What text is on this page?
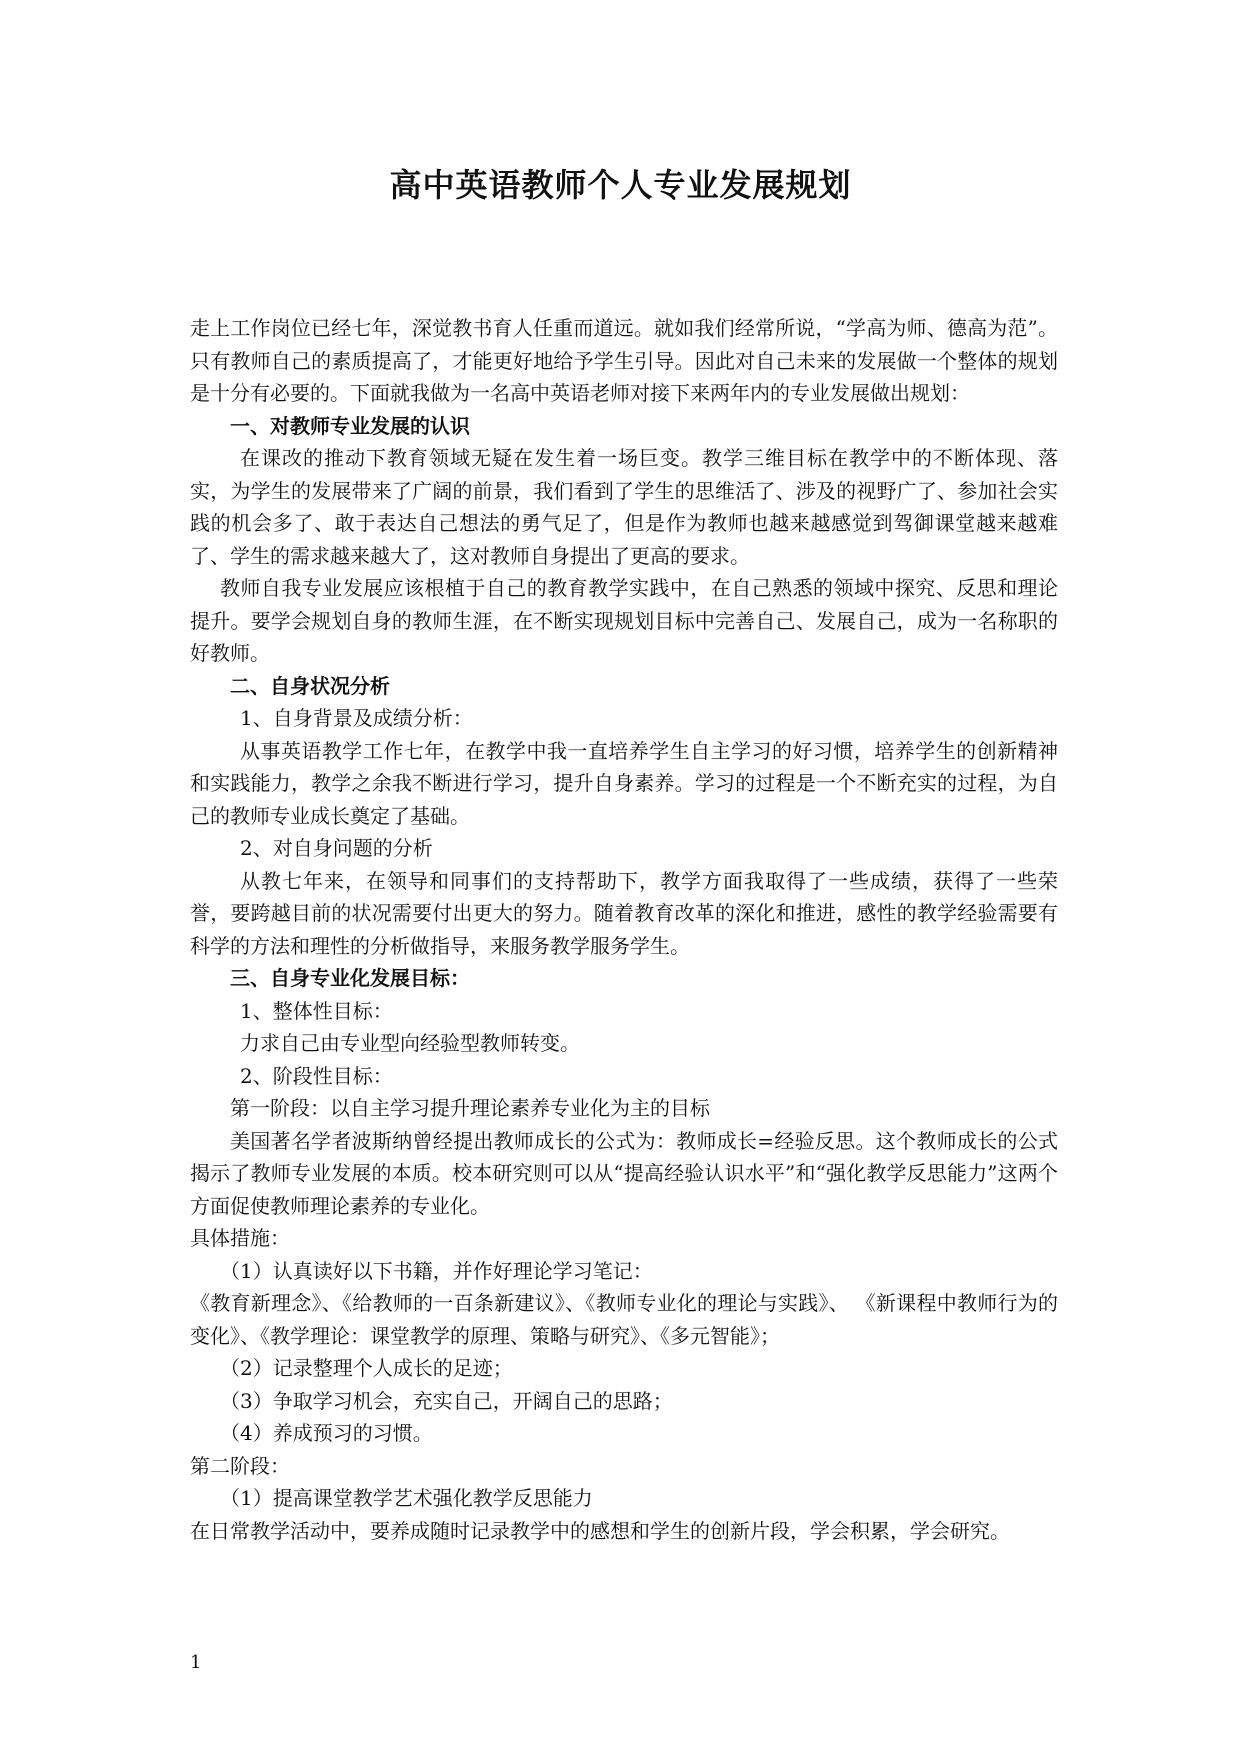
高中英语教师个人专业发展规划

走上工作岗位已经七年，深觉教书育人任重而道远。就如我们经常所说，“学高为师、德高为范”。只有教师自己的素质提高了，才能更好地给予学生引导。因此对自己未来的发展做一个整体的规划是十分有必要的。下面就我做为一名高中英语老师对接下来两年内的专业发展做出规划：

一、对教师专业发展的认识

在课改的推动下教育领域无疑在发生着一场巨变。教学三维目标在教学中的不断体现、落实，为学生的发展带来了广阔的前景，我们看到了学生的思维活了、涉及的视野广了、参加社会实践的机会多了、敢于表达自己想法的勇气足了，但是作为教师也越来越感觉到驾御课堂越来越难了、学生的需求越来越大了，这对教师自身提出了更高的要求。

教师自我专业发展应该根植于自己的教育教学实践中，在自己熟悉的领域中探究、反思和理论提升。要学会规划自身的教师生涯，在不断实现规划目标中完善自己、发展自己，成为一名称职的好教师。

二、自身状况分析

1、自身背景及成绩分析：

从事英语教学工作七年，在教学中我一直培养学生自主学习的好习惯，培养学生的创新精神和实践能力，教学之余我不断进行学习，提升自身素养。学习的过程是一个不断充实的过程，为自己的教师专业成长奠定了基础。

2、对自身问题的分析

从教七年来，在领导和同事们的支持帮助下，教学方面我取得了一些成绩，获得了一些荣誉，要跨越目前的状况需要付出更大的努力。随着教育改革的深化和推进，感性的教学经验需要有科学的方法和理性的分析做指导，来服务教学服务学生。

三、自身专业化发展目标：

1、整体性目标：

力求自己由专业型向经验型教师转变。

2、阶段性目标：

第一阶段：以自主学习提升理论素养专业化为主的目标

美国著名学者波斯纳曾经提出教师成长的公式为：教师成长=经验反思。这个教师成长的公式揭示了教师专业发展的本质。校本研究则可以从“提高经验认识水平”和“强化教学反思能力”这两个方面促使教师理论素养的专业化。

具体措施：

（1）认真读好以下书籍，并作好理论学习笔记：

《教育新理念》、《给教师的一百条新建议》、《教师专业化的理论与实践》、 《新课程中教师行为的变化》、《教学理论：课堂教学的原理、策略与研究》、《多元智能》；

（2）记录整理个人成长的足迹；

（3）争取学习机会，充实自己，开阔自己的思路；

（4）养成预习的习惯。

第二阶段：

（1）提高课堂教学艺术强化教学反思能力

在日常教学活动中，要养成随时记录教学中的感想和学生的创新片段，学会积累，学会研究。

1
